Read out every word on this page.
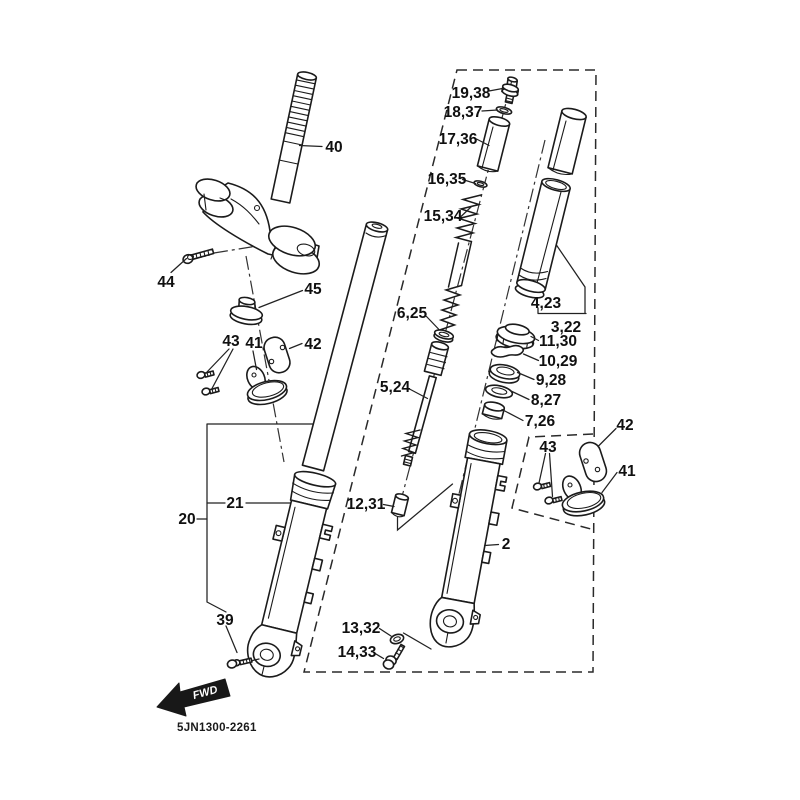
40
44	45
43 41	42
20
21
39
19,38
18,37
17,36
16,35
15,34
6,25
5,24
4,23
3,22
11,30
10,29
9,28
8,27
7,26
12,31
13,32
14,33
2
42
43
41
FWD
5JN1300-2261
